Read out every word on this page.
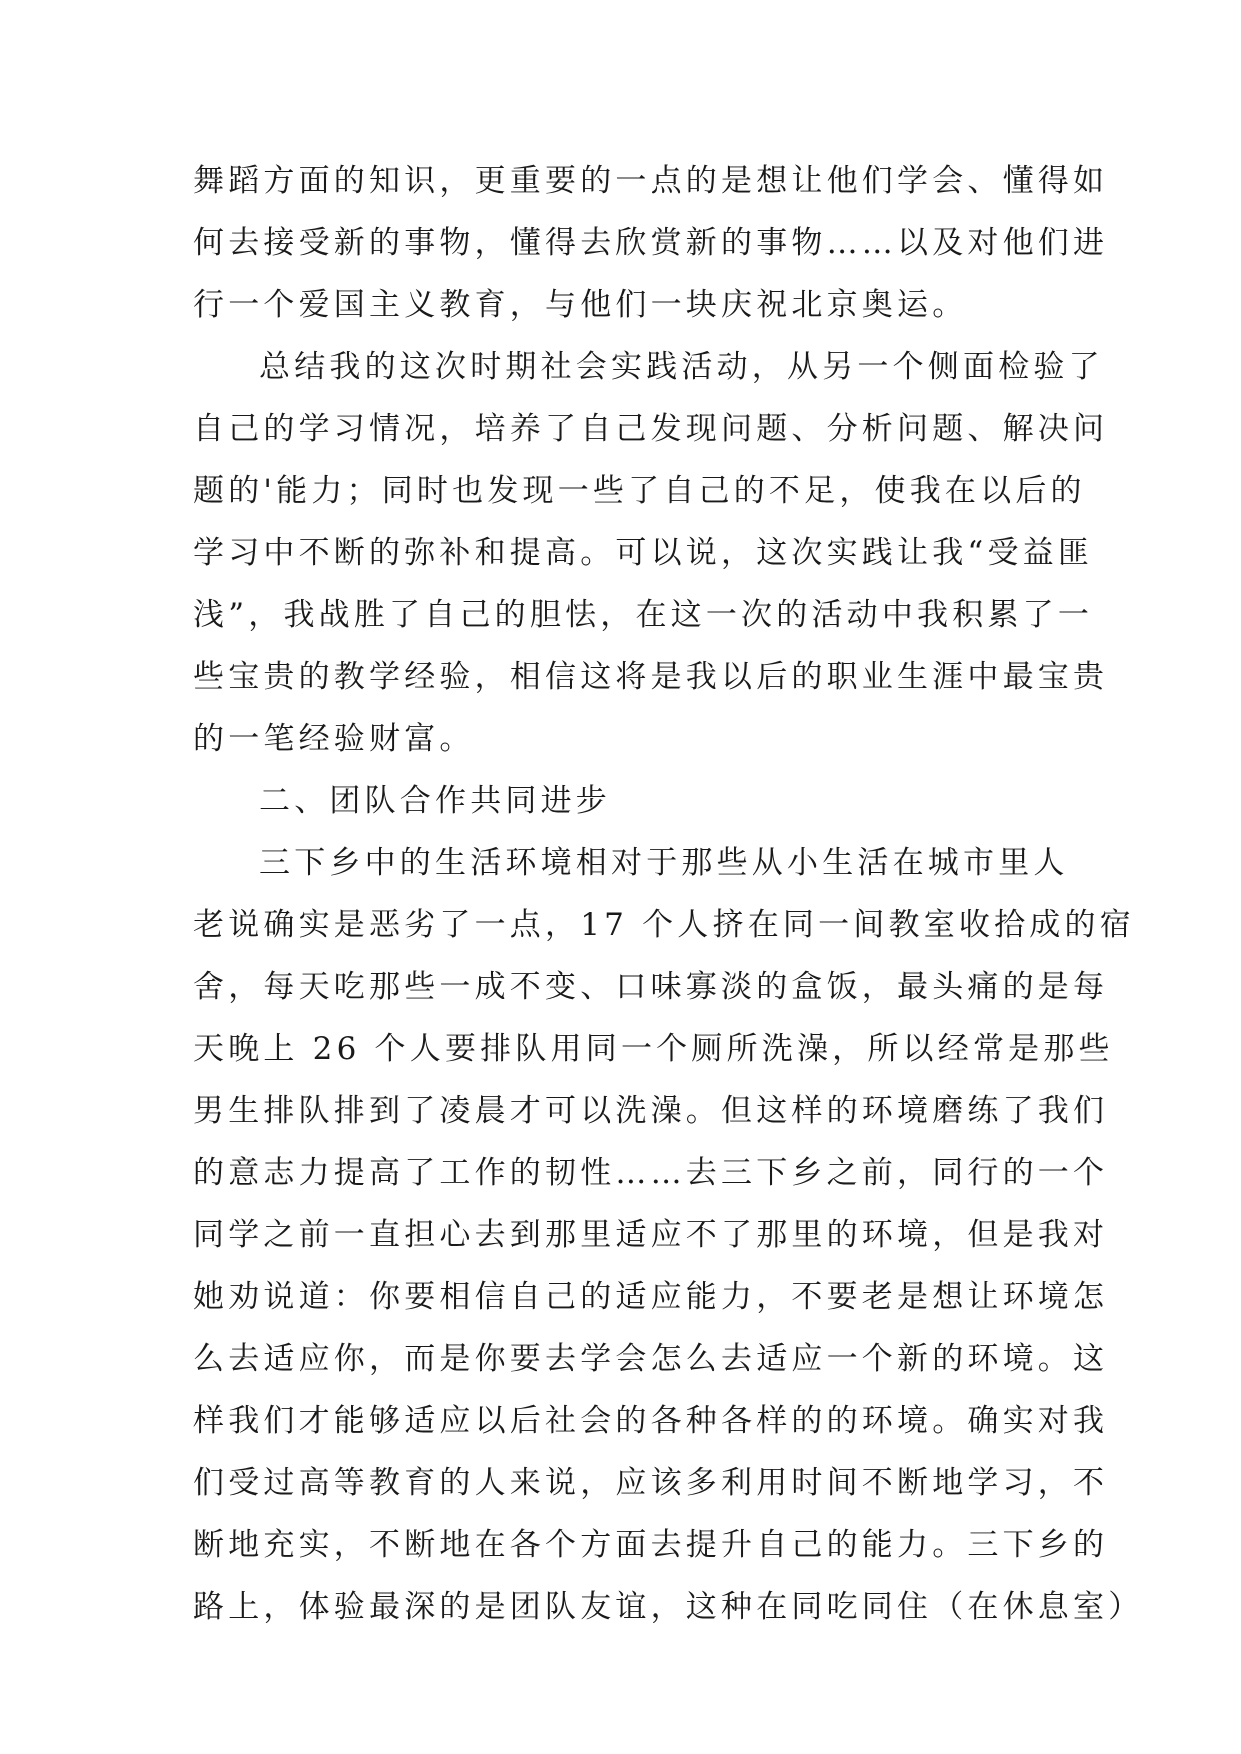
舞蹈方面的知识，更重要的一点的是想让他们学会、懂得如
何去接受新的事物，懂得去欣赏新的事物……以及对他们进
行一个爱国主义教育，与他们一块庆祝北京奥运。
总结我的这次时期社会实践活动，从另一个侧面检验了
自己的学习情况，培养了自己发现问题、分析问题、解决问
题的'能力；同时也发现一些了自己的不足，使我在以后的
学习中不断的弥补和提高。可以说，这次实践让我“受益匪
浅”，我战胜了自己的胆怯，在这一次的活动中我积累了一
些宝贵的教学经验，相信这将是我以后的职业生涯中最宝贵
的一笔经验财富。
二、团队合作共同进步
三下乡中的生活环境相对于那些从小生活在城市里人
老说确实是恶劣了一点，17 个人挤在同一间教室收拾成的宿
舍，每天吃那些一成不变、口味寡淡的盒饭，最头痛的是每
天晚上 26 个人要排队用同一个厕所洗澡，所以经常是那些
男生排队排到了凌晨才可以洗澡。但这样的环境磨练了我们
的意志力提高了工作的韧性……去三下乡之前，同行的一个
同学之前一直担心去到那里适应不了那里的环境，但是我对
她劝说道：你要相信自己的适应能力，不要老是想让环境怎
么去适应你，而是你要去学会怎么去适应一个新的环境。这
样我们才能够适应以后社会的各种各样的的环境。确实对我
们受过高等教育的人来说，应该多利用时间不断地学习，不
断地充实，不断地在各个方面去提升自己的能力。三下乡的
路上，体验最深的是团队友谊，这种在同吃同住（在休息室）
